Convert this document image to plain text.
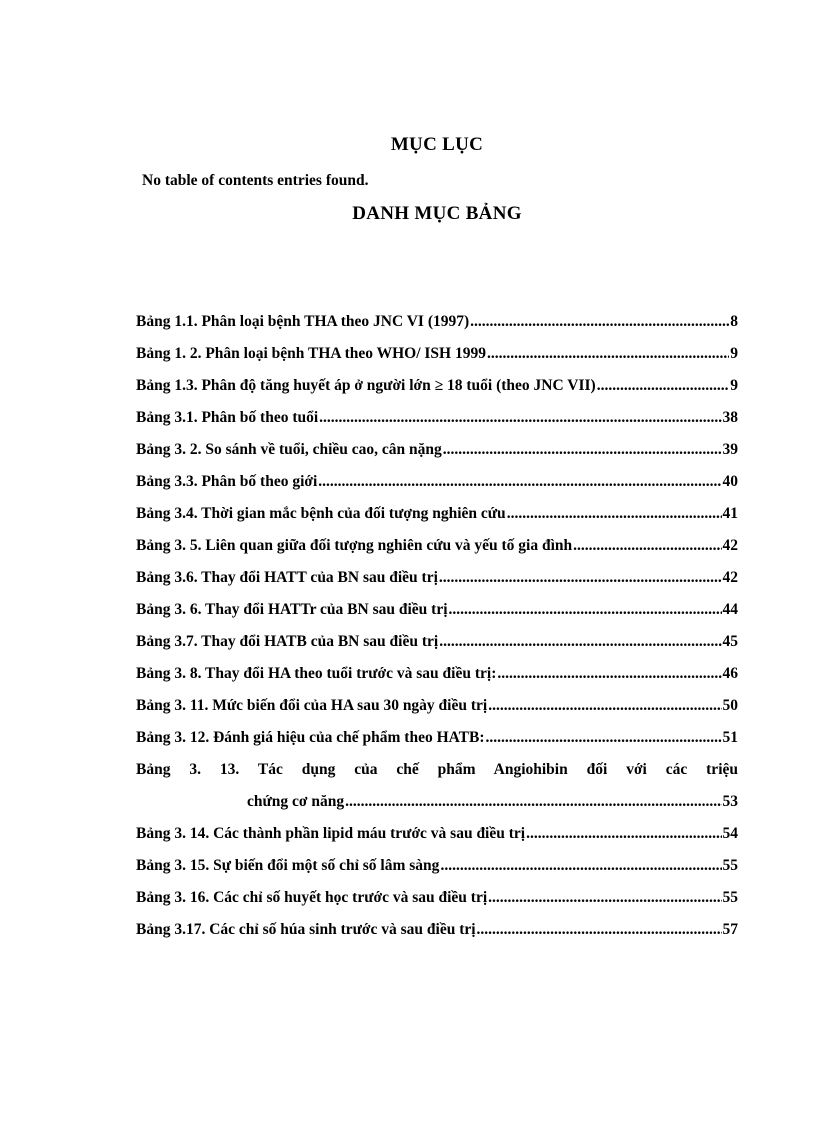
MỤC LỤC
No table of contents entries found.
DANH MỤC BẢNG
Bảng 1.1. Phân loại bệnh THA theo JNC VI (1997) .....	8
Bảng 1. 2. Phân loại bệnh THA theo WHO/ ISH 1999 .....	9
Bảng 1.3. Phân độ tăng huyết áp ở người lớn ≥ 18 tuổi (theo JNC VII) .....	9
Bảng 3.1. Phân bố theo tuổi .....	38
Bảng 3. 2. So sánh về tuổi, chiều cao, cân nặng .....	39
Bảng 3.3. Phân bố theo giới .....	40
Bảng 3.4. Thời gian mắc bệnh của đối tượng nghiên cứu .....	41
Bảng 3. 5. Liên quan giữa đối tượng nghiên cứu và yếu tố gia đình .....	42
Bảng 3.6. Thay đổi HATT của BN sau điều trị .....	42
Bảng 3. 6. Thay đổi HATTr của BN sau điều trị .....	44
Bảng 3.7. Thay đổi HATB của BN sau điều trị .....	45
Bảng 3. 8. Thay đổi HA theo tuổi trước và sau điều trị: .....	46
Bảng 3. 11. Mức biến đổi của HA sau 30 ngày điều trị .....	50
Bảng 3. 12. Đánh giá hiệu của chế phẩm theo HATB: .....	51
Bảng 3. 13. Tác dụng của chế phẩm Angiohibin đối với các triệu
chứng cơ năng .....	53
Bảng 3. 14. Các thành phần lipid máu trước và sau điều trị .....	54
Bảng 3. 15. Sự biến đổi một số chỉ số lâm sàng .....	55
Bảng 3. 16. Các chỉ số huyết học trước và sau điều trị .....	55
Bảng 3.17. Các chỉ số húa sinh trước và sau điều trị .....	57
